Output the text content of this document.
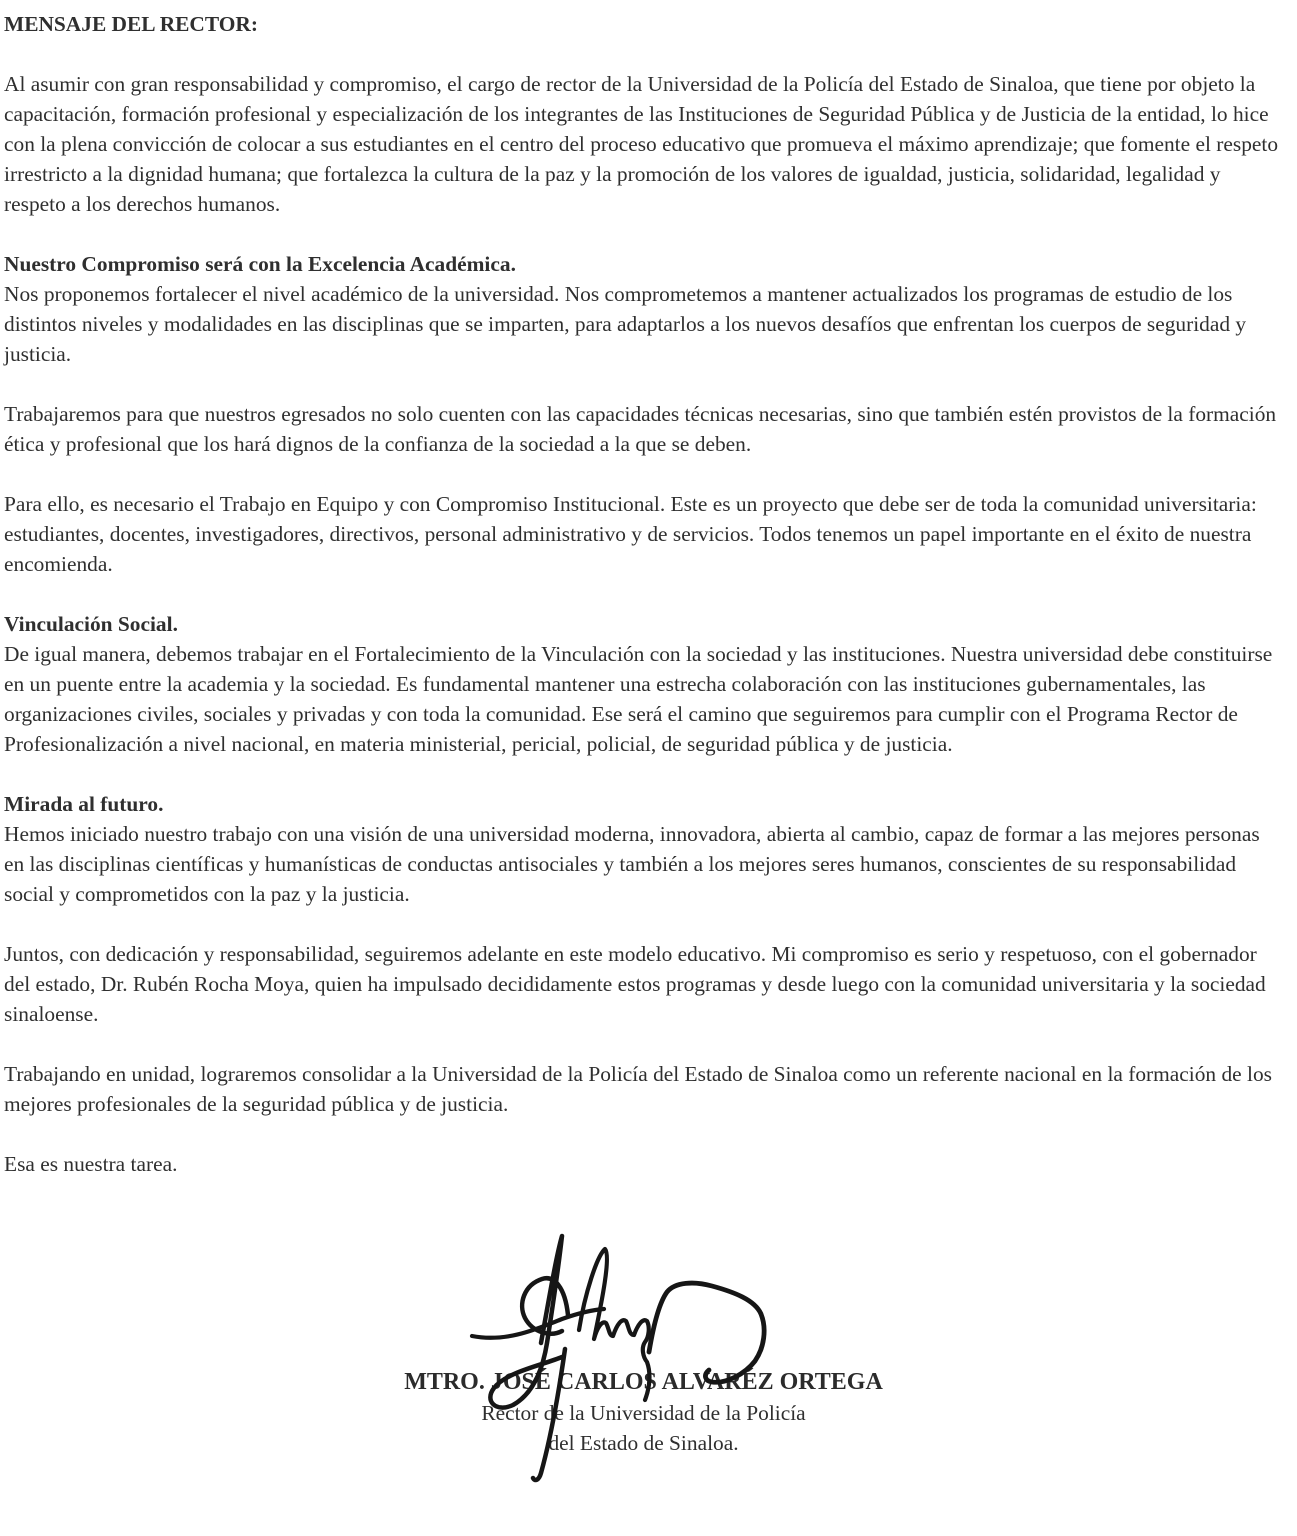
MENSAJE DEL RECTOR:

Al asumir con gran responsabilidad y compromiso, el cargo de rector de la Universidad de la Policía del Estado de Sinaloa, que tiene por objeto la capacitación, formación profesional y especialización de los integrantes de las Instituciones de Seguridad Pública y de Justicia de la entidad, lo hice con la plena convicción de colocar a sus estudiantes en el centro del proceso educativo que promueva el máximo aprendizaje; que fomente el respeto irrestricto a la dignidad humana; que fortalezca la cultura de la paz y la promoción de los valores de igualdad, justicia, solidaridad, legalidad y respeto a los derechos humanos.

Nuestro Compromiso será con la Excelencia Académica.

Nos proponemos fortalecer el nivel académico de la universidad. Nos comprometemos a mantener actualizados los programas de estudio de los distintos niveles y modalidades en las disciplinas que se imparten, para adaptarlos a los nuevos desafíos que enfrentan los cuerpos de seguridad y justicia.

Trabajaremos para que nuestros egresados no solo cuenten con las capacidades técnicas necesarias, sino que también estén provistos de la formación ética y profesional que los hará dignos de la confianza de la sociedad a la que se deben.

Para ello, es necesario el Trabajo en Equipo y con Compromiso Institucional. Este es un proyecto que debe ser de toda la comunidad universitaria: estudiantes, docentes, investigadores, directivos, personal administrativo y de servicios. Todos tenemos un papel importante en el éxito de nuestra encomienda.

Vinculación Social.

De igual manera, debemos trabajar en el Fortalecimiento de la Vinculación con la sociedad y las instituciones. Nuestra universidad debe constituirse en un puente entre la academia y la sociedad. Es fundamental mantener una estrecha colaboración con las instituciones gubernamentales, las organizaciones civiles, sociales y privadas y con toda la comunidad. Ese será el camino que seguiremos para cumplir con el Programa Rector de Profesionalización a nivel nacional, en materia ministerial, pericial, policial, de seguridad pública y de justicia.

Mirada al futuro.

Hemos iniciado nuestro trabajo con una visión de una universidad moderna, innovadora, abierta al cambio, capaz de formar a las mejores personas en las disciplinas científicas y humanísticas de conductas antisociales y también a los mejores seres humanos, conscientes de su responsabilidad social y comprometidos con la paz y la justicia.

Juntos, con dedicación y responsabilidad, seguiremos adelante en este modelo educativo. Mi compromiso es serio y respetuoso, con el gobernador del estado, Dr. Rubén Rocha Moya, quien ha impulsado decididamente estos programas y desde luego con la comunidad universitaria y la sociedad sinaloense.

Trabajando en unidad, lograremos consolidar a la Universidad de la Policía del Estado de Sinaloa como un referente nacional en la formación de los mejores profesionales de la seguridad pública y de justicia.

Esa es nuestra tarea.

MTRO. JOSÉ CARLOS ALVARÉZ ORTEGA
Rector de la Universidad de la Policía
del Estado de Sinaloa.
